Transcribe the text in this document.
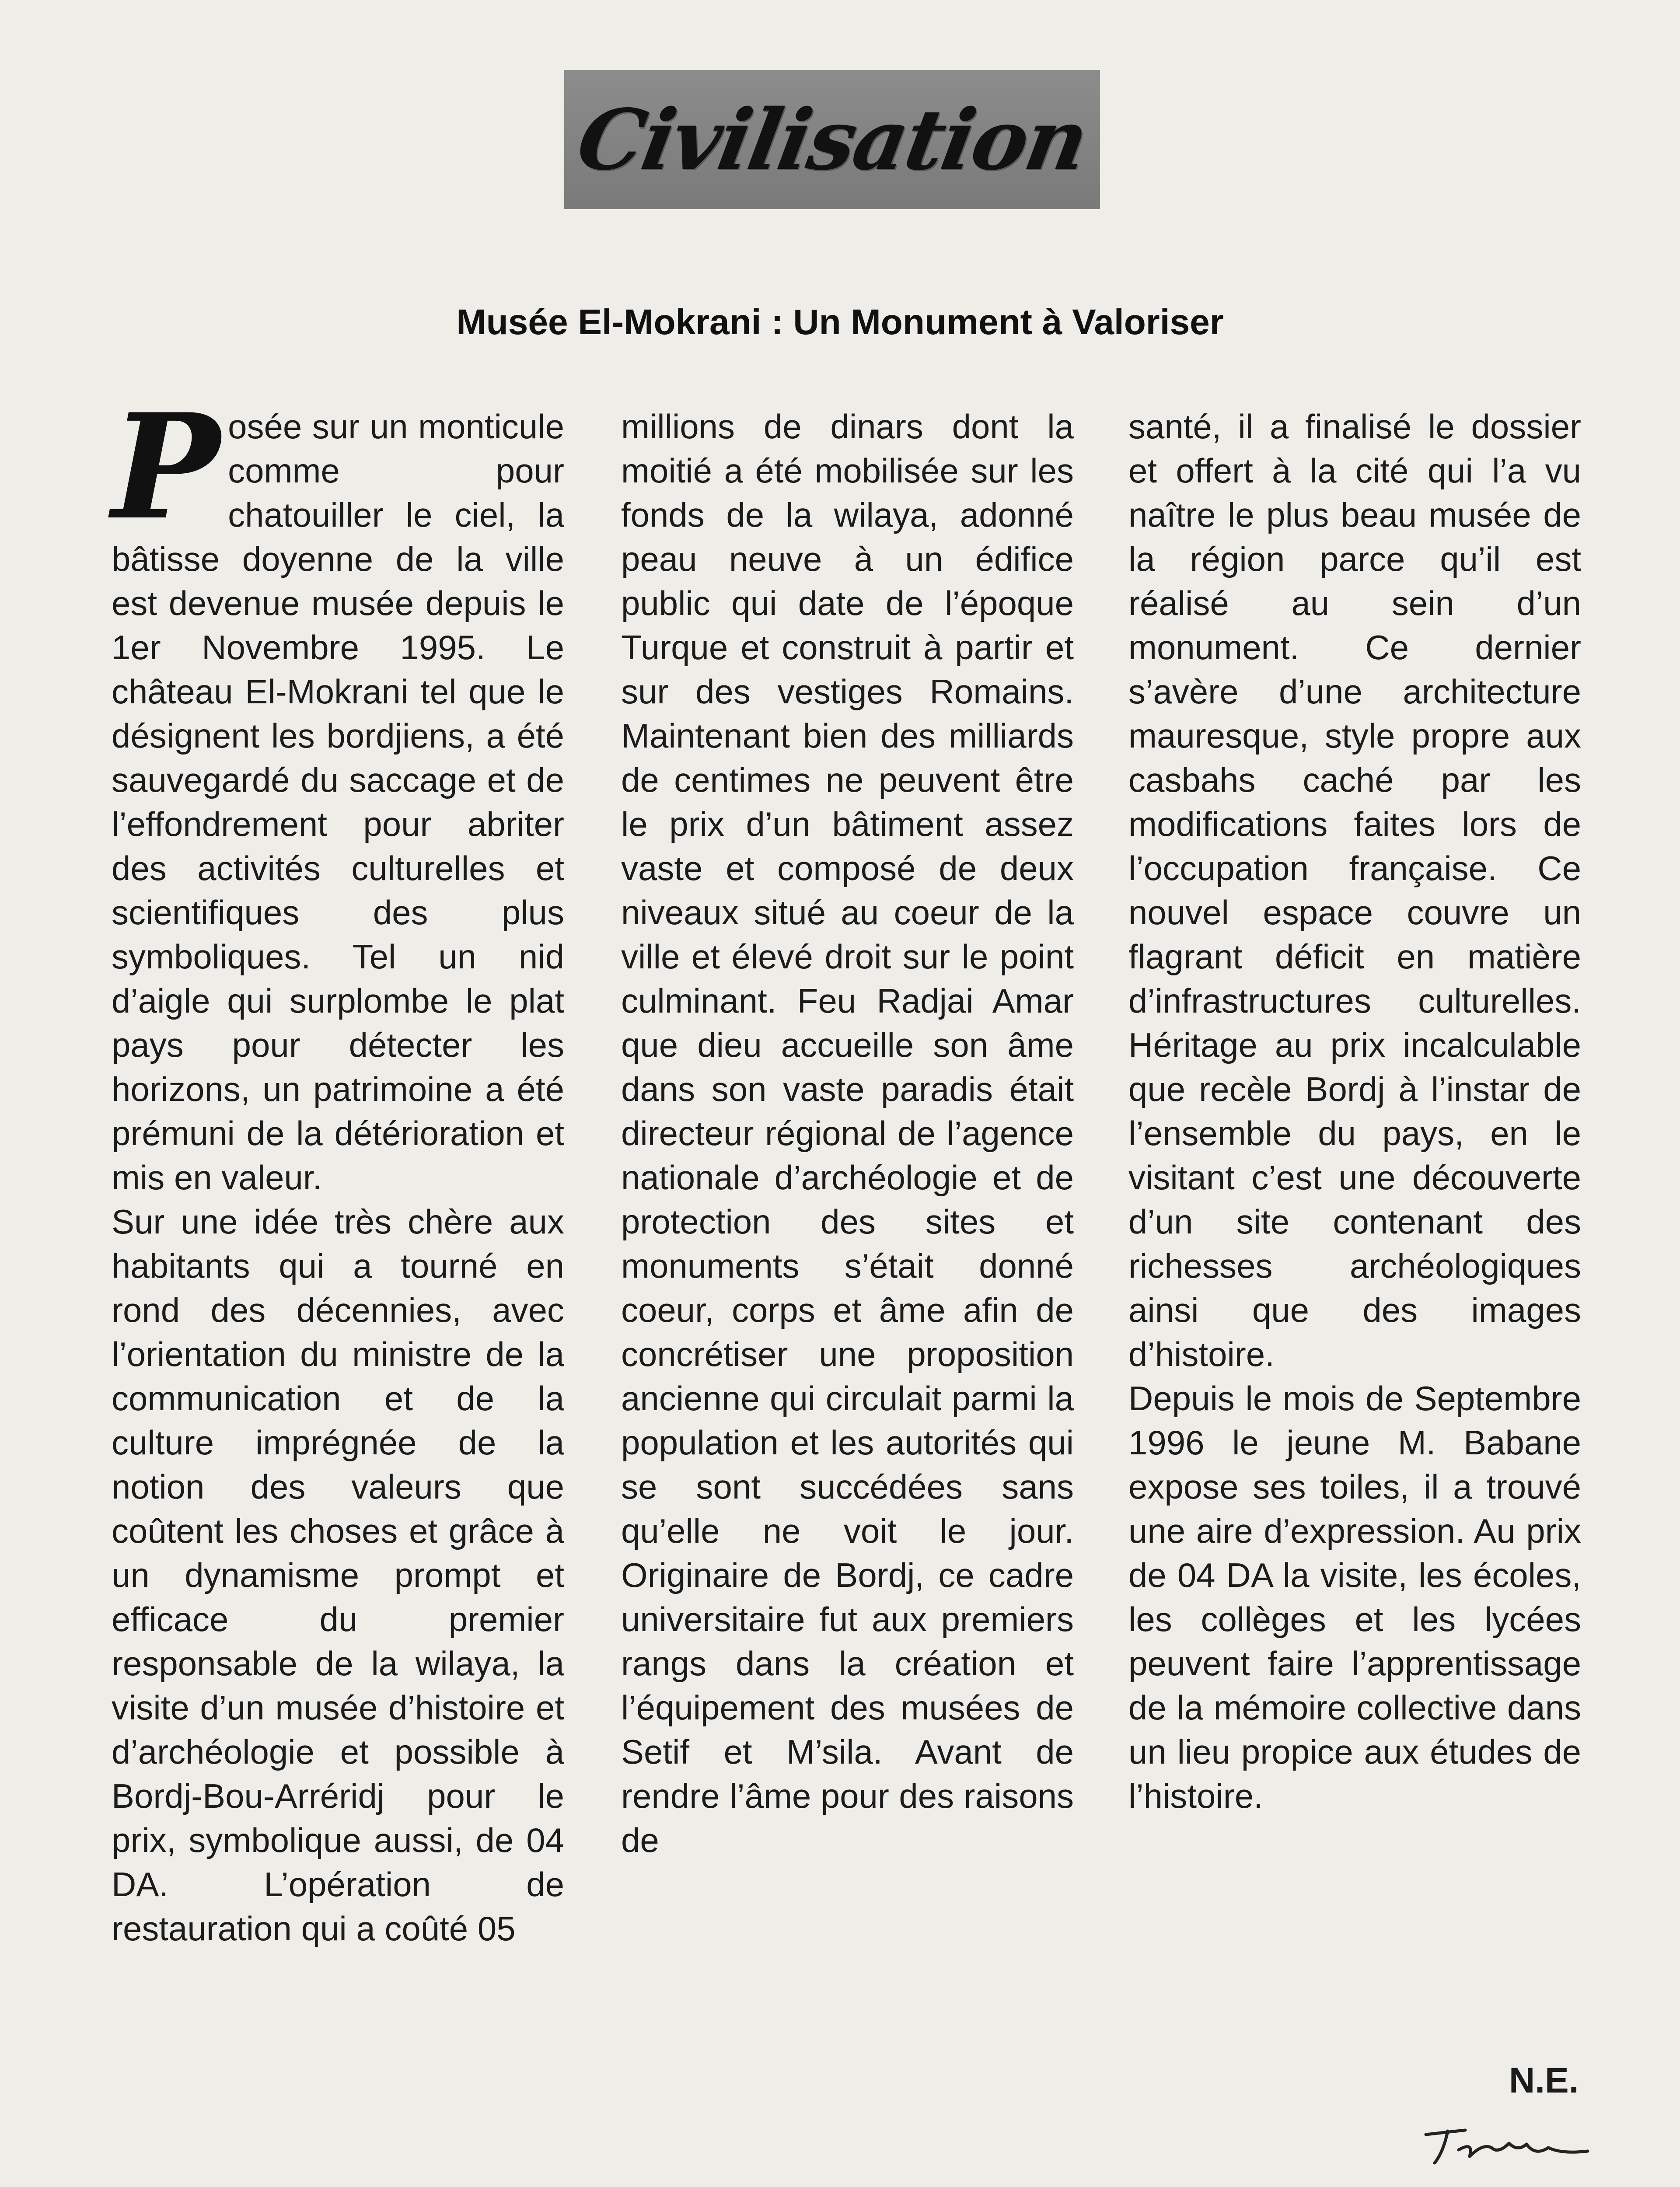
Civilisation
Musée El-Mokrani : Un Monument à Valoriser

Posée sur un monticule comme pour chatouiller le ciel, la bâtisse doyenne de la ville est devenue musée depuis le 1er Novembre 1995. Le château El-Mokrani tel que le désignent les bordjiens, a été sauvegardé du saccage et de l’effondrement pour abriter des activités culturelles et scientifiques des plus symboliques. Tel un nid d’aigle qui surplombe le plat pays pour détecter les horizons, un patrimoine a été prémuni de la détérioration et mis en valeur.

Sur une idée très chère aux habitants qui a tourné en rond des décennies, avec l’orientation du ministre de la communication et de la culture imprégnée de la notion des valeurs que coûtent les choses et grâce à un dynamisme prompt et efficace du premier responsable de la wilaya, la visite d’un musée d’histoire et d’archéologie et possible à Bordj-Bou-Arréridj pour le prix, symbolique aussi, de 04 DA. L’opération de restauration qui a coûté 05

millions de dinars dont la moitié a été mobilisée sur les fonds de la wilaya, adonné peau neuve à un édifice public qui date de l’époque Turque et construit à partir et sur des vestiges Romains. Maintenant bien des milliards de centimes ne peuvent être le prix d’un bâtiment assez vaste et composé de deux niveaux situé au coeur de la ville et élevé droit sur le point culminant. Feu Radjai Amar que dieu accueille son âme dans son vaste paradis était directeur régional de l’agence nationale d’archéologie et de protection des sites et monuments s’était donné coeur, corps et âme afin de concrétiser une proposition ancienne qui circulait parmi la population et les autorités qui se sont succédées sans qu’elle ne voit le jour. Originaire de Bordj, ce cadre universitaire fut aux premiers rangs dans la création et l’équipement des musées de Setif et M’sila. Avant de rendre l’âme pour des raisons de

santé, il a finalisé le dossier et offert à la cité qui l’a vu naître le plus beau musée de la région parce qu’il est réalisé au sein d’un monument. Ce dernier s’avère d’une architecture mauresque, style propre aux casbahs caché par les modifications faites lors de l’occupation française. Ce nouvel espace couvre un flagrant déficit en matière d’infrastructures culturelles. Héritage au prix incalculable que recèle Bordj à l’instar de l’ensemble du pays, en le visitant c’est une découverte d’un site contenant des richesses archéologiques ainsi que des images d’histoire.

Depuis le mois de Septembre 1996 le jeune M. Babane expose ses toiles, il a trouvé une aire d’expression. Au prix de 04 DA la visite, les écoles, les collèges et les lycées peuvent faire l’apprentissage de la mémoire collective dans un lieu propice aux études de l’histoire.

N.E.
